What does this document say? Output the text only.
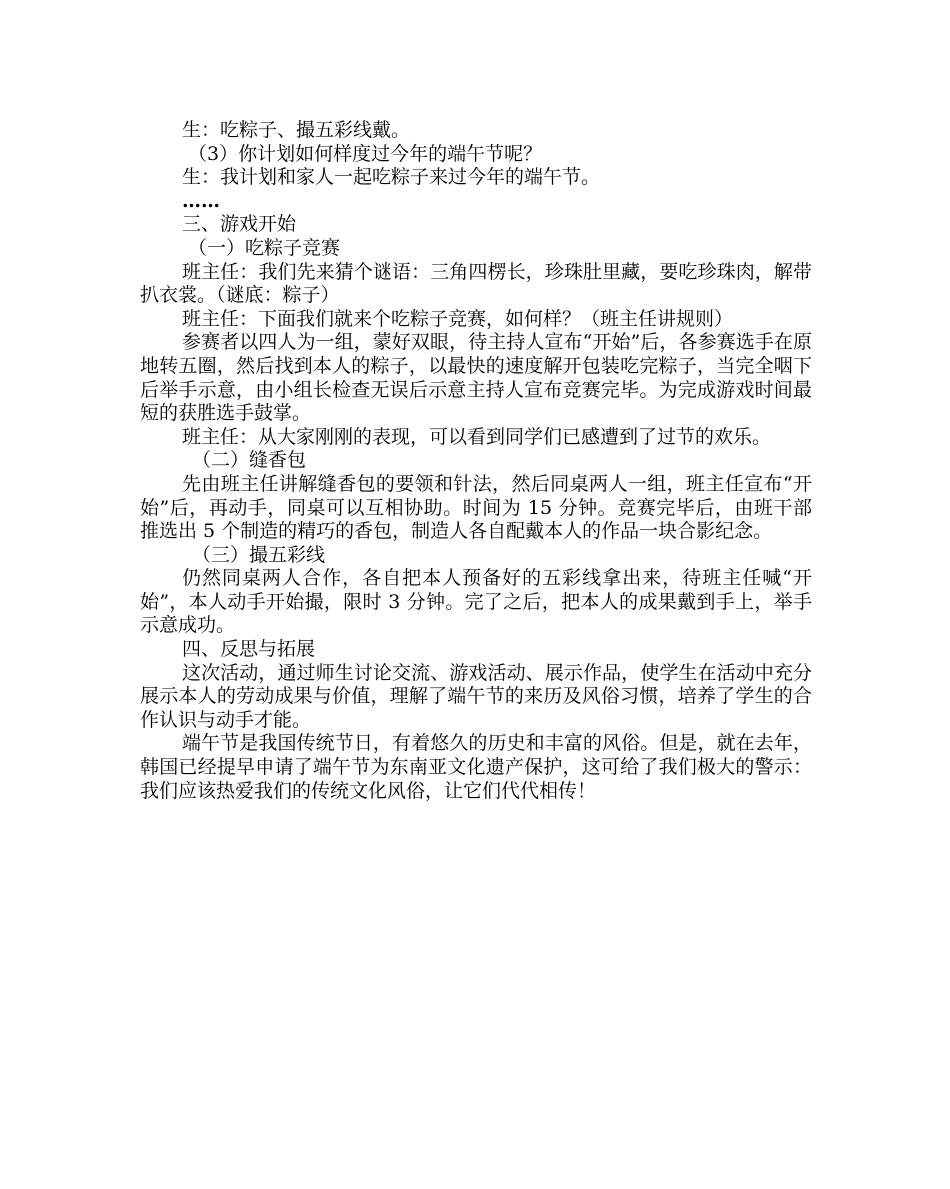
生：吃粽子、撮五彩线戴。

（3）你计划如何样度过今年的端午节呢？

生：我计划和家人一起吃粽子来过今年的端午节。

……

三、游戏开始

（一）吃粽子竞赛

班主任：我们先来猜个谜语：三角四楞长，珍珠肚里藏，要吃珍珠肉，解带扒衣裳。（谜底：粽子）

班主任：下面我们就来个吃粽子竞赛，如何样？（班主任讲规则）

参赛者以四人为一组，蒙好双眼，待主持人宣布“开始”后，各参赛选手在原地转五圈，然后找到本人的粽子，以最快的速度解开包装吃完粽子，当完全咽下后举手示意，由小组长检查无误后示意主持人宣布竞赛完毕。为完成游戏时间最短的获胜选手鼓掌。

班主任：从大家刚刚的表现，可以看到同学们已感遭到了过节的欢乐。

（二）缝香包

先由班主任讲解缝香包的要领和针法，然后同桌两人一组，班主任宣布“开始”后，再动手，同桌可以互相协助。时间为 15 分钟。竞赛完毕后，由班干部推选出 5 个制造的精巧的香包，制造人各自配戴本人的作品一块合影纪念。

（三）撮五彩线

仍然同桌两人合作，各自把本人预备好的五彩线拿出来，待班主任喊“开始”，本人动手开始撮，限时 3 分钟。完了之后，把本人的成果戴到手上，举手示意成功。

四、反思与拓展

这次活动，通过师生讨论交流、游戏活动、展示作品，使学生在活动中充分展示本人的劳动成果与价值，理解了端午节的来历及风俗习惯，培养了学生的合作认识与动手才能。

端午节是我国传统节日，有着悠久的历史和丰富的风俗。但是，就在去年，韩国已经提早申请了端午节为东南亚文化遗产保护，这可给了我们极大的警示：我们应该热爱我们的传统文化风俗，让它们代代相传！
